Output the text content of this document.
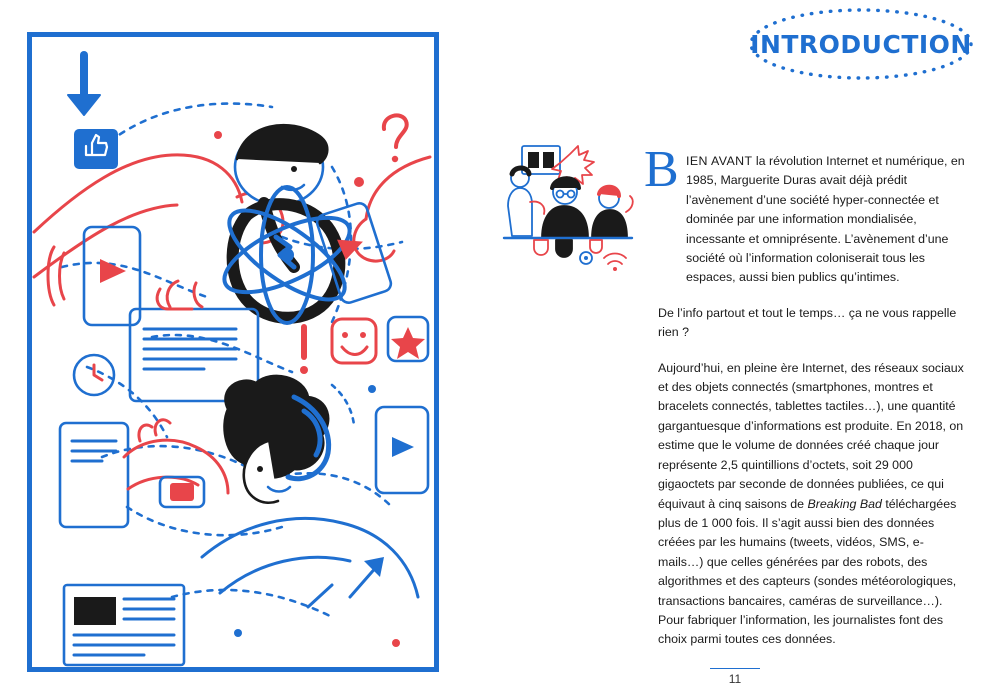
INTRODUCTION

B IEN AVANT la révolution Internet et numérique, en 1985, Marguerite Duras avait déjà prédit l’avènement d’une société hyper-connectée et dominée par une information mondialisée, incessante et omniprésente. L’avènement d’une société où l’information coloniserait tous les espaces, aussi bien publics qu’intimes.

De l’info partout et tout le temps… ça ne vous rappelle rien ?

Aujourd’hui, en pleine ère Internet, des réseaux sociaux et des objets connectés (smartphones, montres et bracelets connectés, tablettes tactiles…), une quantité gargantuesque d’informations est produite. En 2018, on estime que le volume de données créé chaque jour représente 2,5 quintillions d’octets, soit 29 000 gigaoctets par seconde de données publiées, ce qui équivaut à cinq saisons de Breaking Bad téléchargées plus de 1 000 fois. Il s’agit aussi bien des données créées par les humains (tweets, vidéos, SMS, e-mails…) que celles générées par des robots, des algorithmes et des capteurs (sondes météorologiques, transactions bancaires, caméras de surveillance…). Pour fabriquer l’information, les journalistes font des choix parmi toutes ces données.

11
